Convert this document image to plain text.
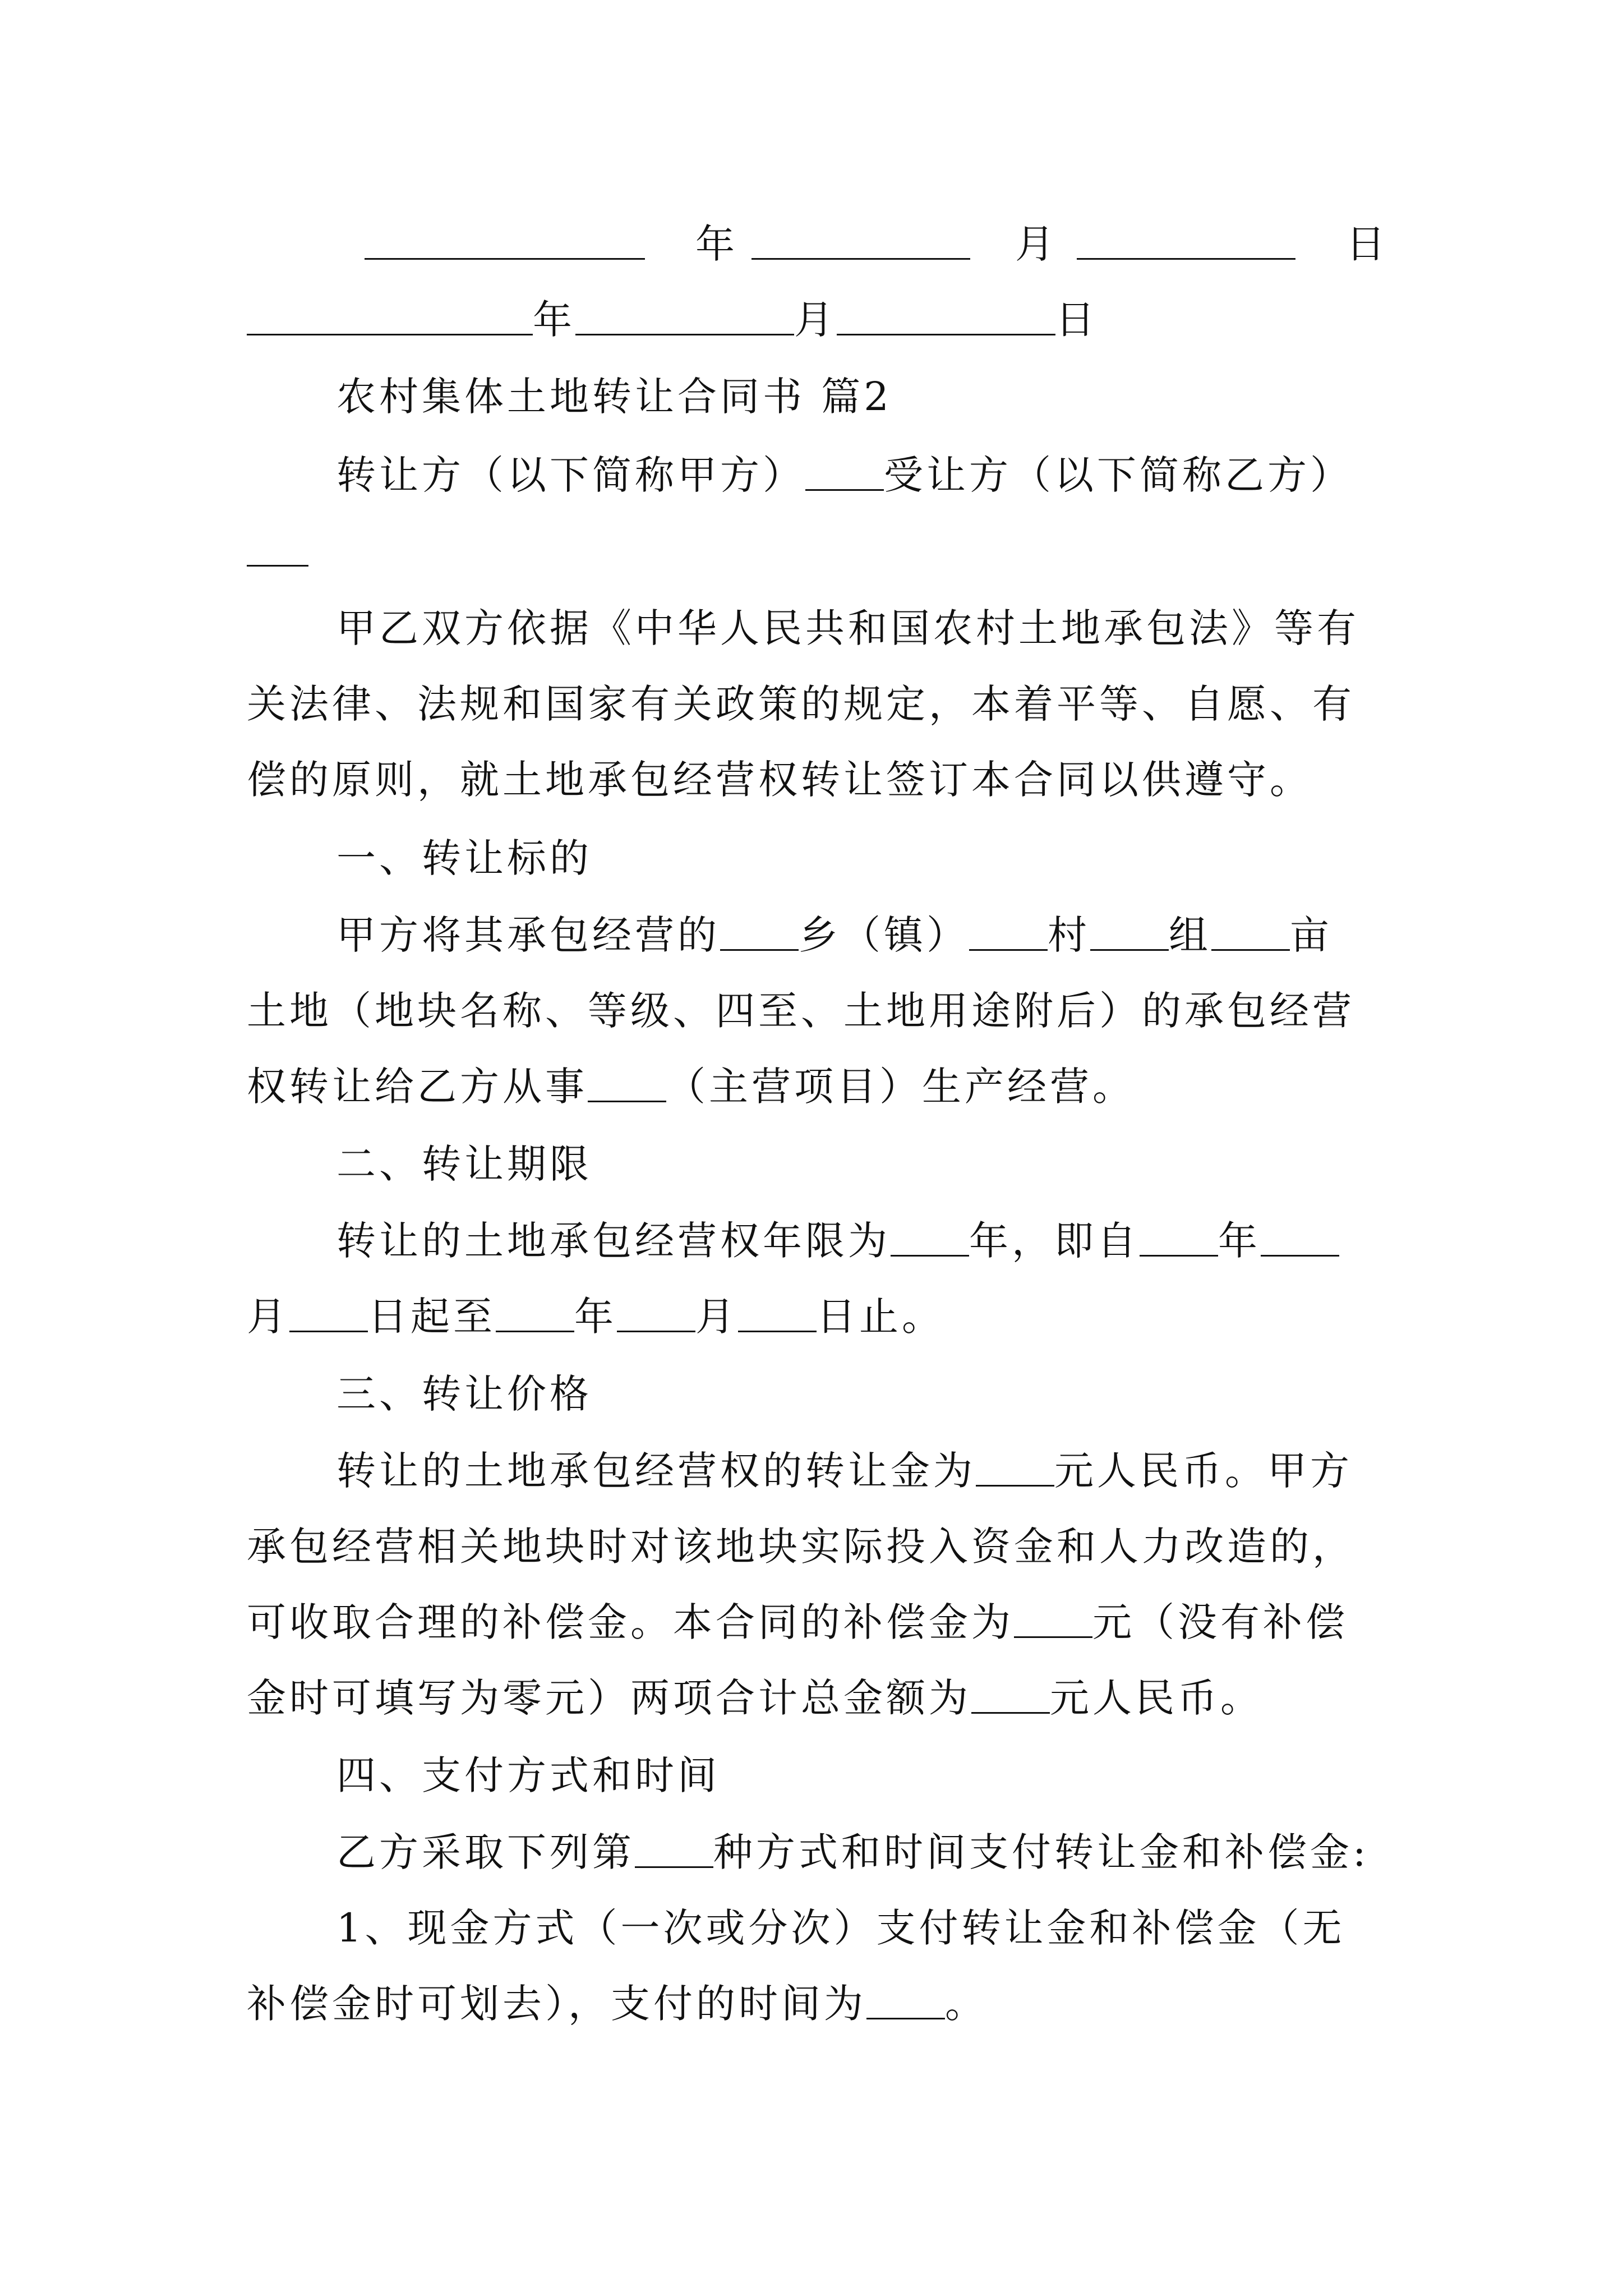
年	月	日
年	月	日
农村集体土地转让合同书 篇2
转让方（以下简称甲方） 受让方（以下简称乙方）
甲乙双方依据《中华人民共和国农村土地承包法》等有
关法律、法规和国家有关政策的规定，本着平等、自愿、有
偿的原则，就土地承包经营权转让签订本合同以供遵守。
一、转让标的
甲方将其承包经营的 乡（镇） 村 组 亩
土地（地块名称、等级、四至、土地用途附后）的承包经营
权转让给乙方从事 （主营项目）生产经营。
二、转让期限
转让的土地承包经营权年限为 年，即自 年
月 日起至 年 月 日止。
三、转让价格
转让的土地承包经营权的转让金为 元人民币。甲方
承包经营相关地块时对该地块实际投入资金和人力改造的，
可收取合理的补偿金。本合同的补偿金为 元（没有补偿
金时可填写为零元）两项合计总金额为 元人民币。
四、支付方式和时间
乙方采取下列第 种方式和时间支付转让金和补偿金:
1、现金方式（一次或分次）支付转让金和补偿金（无
补偿金时可划去），支付的时间为 。
